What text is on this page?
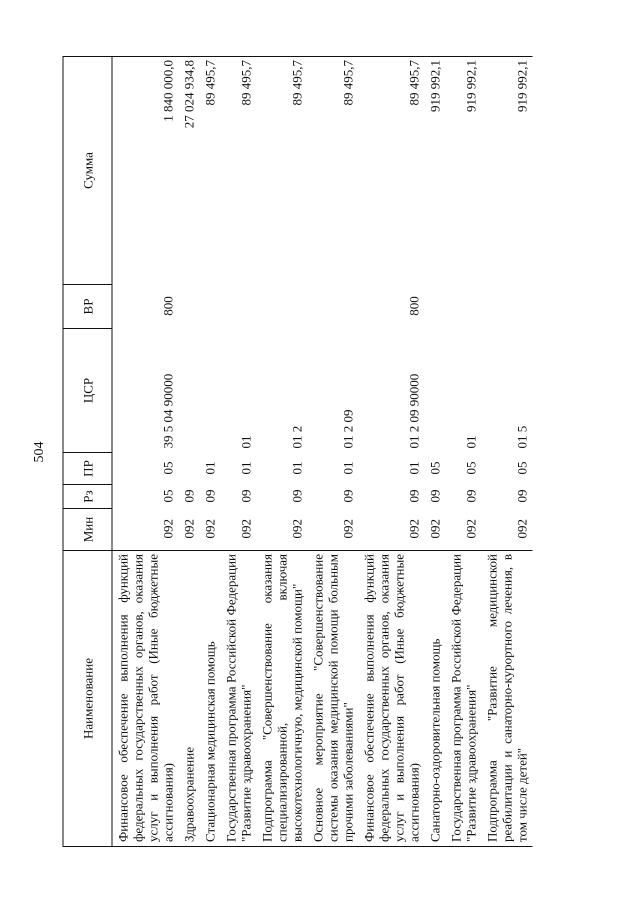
504
Наименование	Мин	Рз	ПР	ЦСР	ВР	Сумма
Финансовое обеспечение выполнения функций федеральных государственных органов, оказания услуг и выполнения работ (Иные бюджетные ассигнования)	092	05	05	39 5 04 90000	800	1 840 000,0
Здравоохранение	092	09				27 024 934,8
Стационарная медицинская помощь	092	09	01			89 495,7
Государственная программа Российской Федерации "Развитие здравоохранения"	092	09	01	01		89 495,7
Подпрограмма "Совершенствование оказания специализированной, включая высокотехнологичную, медицинской помощи"	092	09	01	01 2		89 495,7
Основное мероприятие "Совершенствование системы оказания медицинской помощи больным прочими заболеваниями"	092	09	01	01 2 09		89 495,7
Финансовое обеспечение выполнения функций федеральных государственных органов, оказания услуг и выполнения работ (Иные бюджетные ассигнования)	092	09	01	01 2 09 90000	800	89 495,7
Санаторно-оздоровительная помощь	092	09	05			919 992,1
Государственная программа Российской Федерации "Развитие здравоохранения"	092	09	05	01		919 992,1
Подпрограмма "Развитие медицинской реабилитации и санаторно-курортного лечения, в том числе детей"	092	09	05	01 5		919 992,1
